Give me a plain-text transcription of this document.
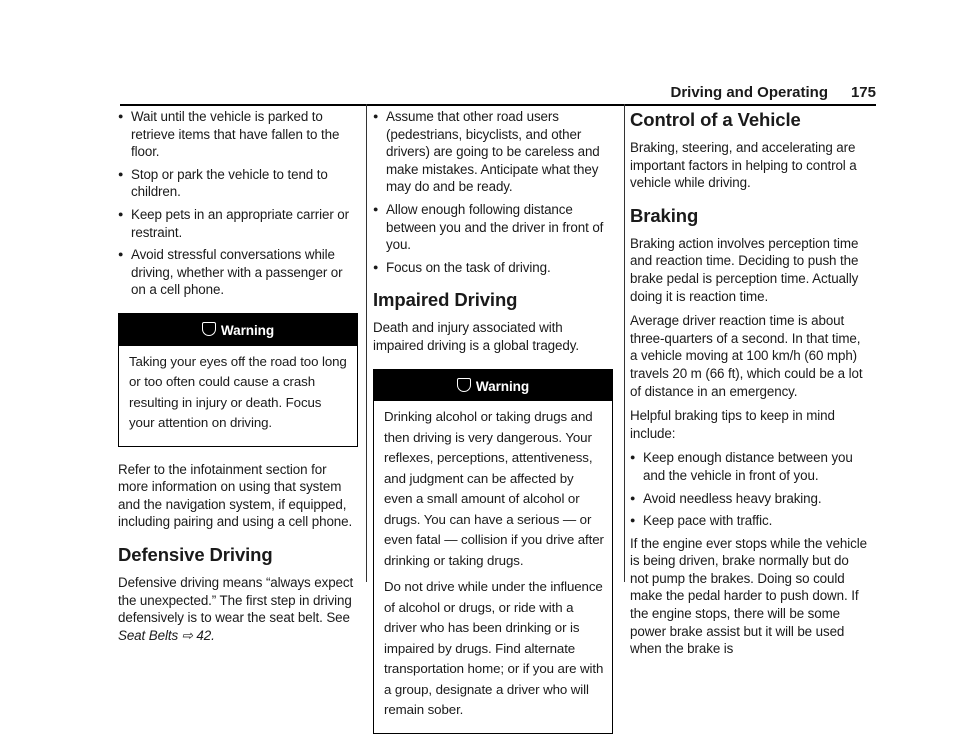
Driving and Operating 175
● Wait until the vehicle is parked to retrieve items that have fallen to the floor.
● Stop or park the vehicle to tend to children.
● Keep pets in an appropriate carrier or restraint.
● Avoid stressful conversations while driving, whether with a passenger or on a cell phone.
Warning

Taking your eyes off the road too long or too often could cause a crash resulting in injury or death. Focus your attention on driving.

Refer to the infotainment section for more information on using that system and the navigation system, if equipped, including pairing and using a cell phone.

Defensive Driving

Defensive driving means “always expect the unexpected.” The first step in driving defensively is to wear the seat belt. See
Seat Belts ⇨ 42.

● Assume that other road users (pedestrians, bicyclists, and other drivers) are going to be careless and make mistakes. Anticipate what they may do and be ready.
● Allow enough following distance between you and the driver in front of you.
● Focus on the task of driving.
Impaired Driving

Death and injury associated with impaired driving is a global tragedy.

Warning

Drinking alcohol or taking drugs and then driving is very dangerous. Your reflexes, perceptions, attentiveness, and judgment can be affected by even a small amount of alcohol or drugs. You can have a serious — or even fatal — collision if you drive after drinking or taking drugs.

Do not drive while under the influence of alcohol or drugs, or ride with a driver who has been drinking or is impaired by drugs. Find alternate transportation home; or if you are with a group, designate a driver who will remain sober.

Control of a Vehicle

Braking, steering, and accelerating are important factors in helping to control a vehicle while driving.

Braking

Braking action involves perception time and reaction time. Deciding to push the brake pedal is perception time. Actually doing it is reaction time.

Average driver reaction time is about three-quarters of a second. In that time, a vehicle moving at 100 km/h (60 mph) travels 20 m (66 ft), which could be a lot of distance in an emergency.

Helpful braking tips to keep in mind include:

● Keep enough distance between you and the vehicle in front of you.
● Avoid needless heavy braking.
● Keep pace with traffic.

If the engine ever stops while the vehicle is being driven, brake normally but do not pump the brakes. Doing so could make the pedal harder to push down. If the engine stops, there will be some power brake assist but it will be used when the brake is
